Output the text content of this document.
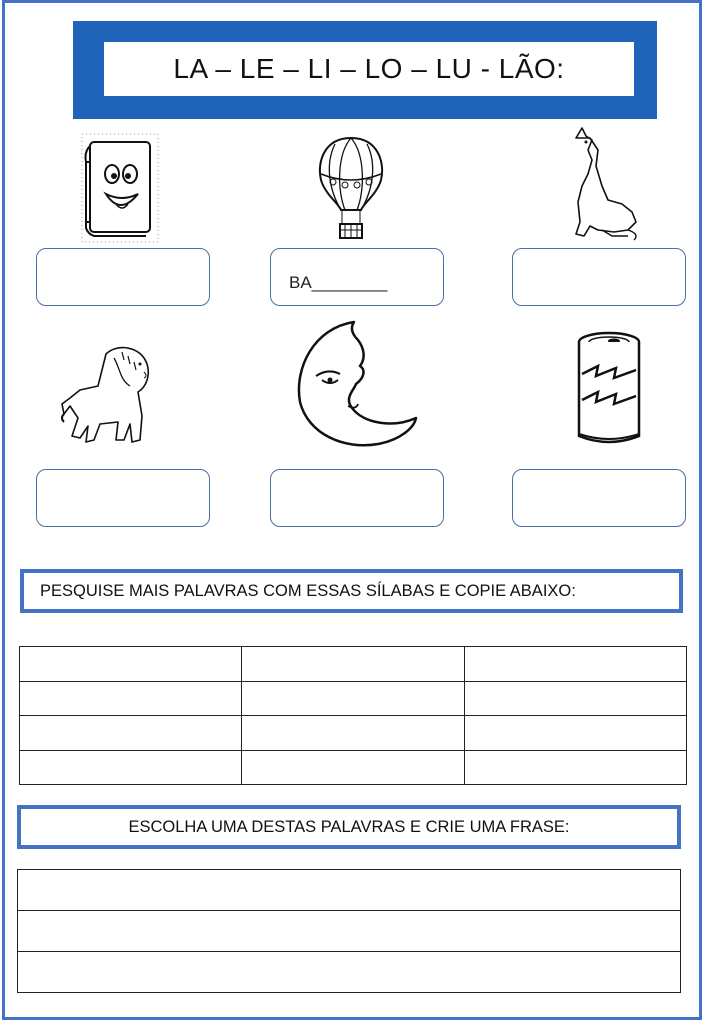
LA – LE – LI – LO – LU - LÃO:
BA________
PESQUISE MAIS PALAVRAS COM ESSAS SÍLABAS E COPIE ABAIXO:

ESCOLHA UMA DESTAS PALAVRAS E CRIE UMA FRASE:
